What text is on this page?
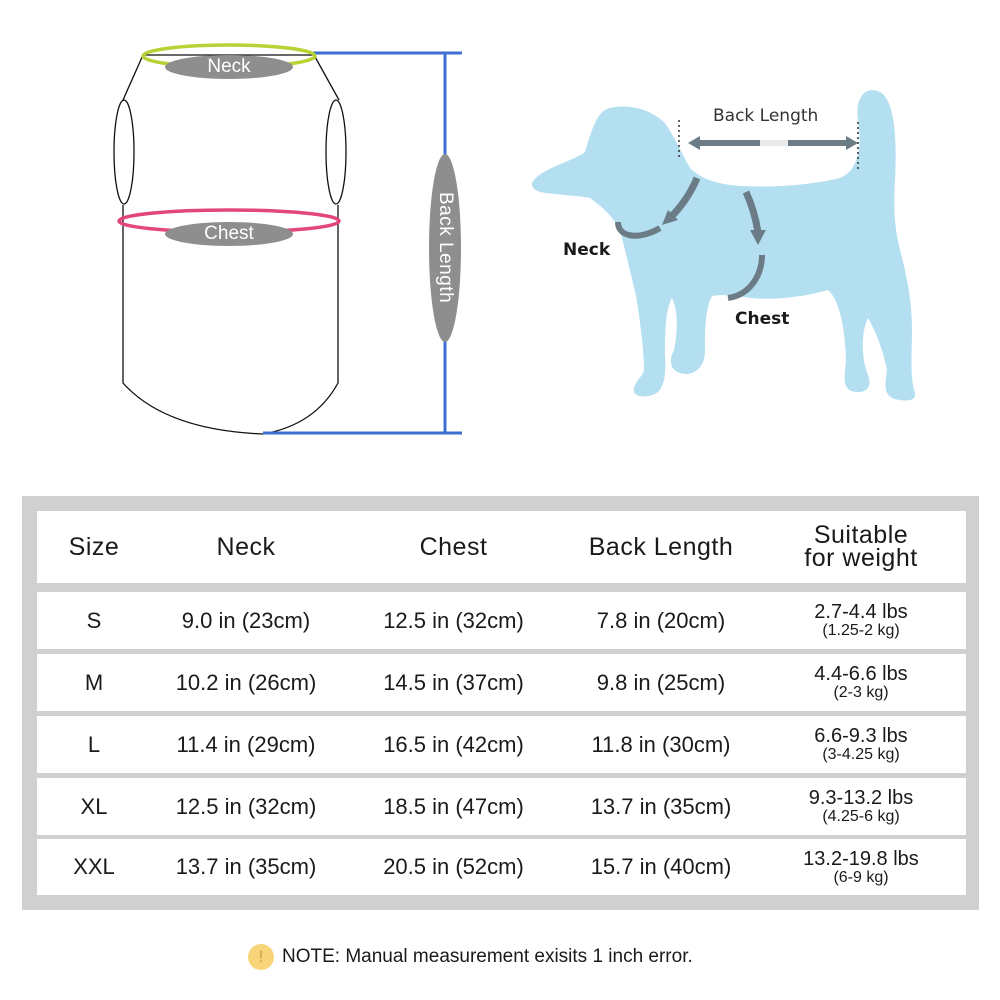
Neck
Chest	Back Length
Back Length
Neck
Chest
Size	Neck	Chest	Back Length	Suitable
for weight
S	9.0 in (23cm)	12.5 in (32cm)	7.8 in (20cm)	2.7-4.4 lbs
(1.25-2 kg)
M	10.2 in (26cm)	14.5 in (37cm)	9.8 in (25cm)	4.4-6.6 lbs
(2-3 kg)
L	11.4 in (29cm)	16.5 in (42cm)	11.8 in (30cm)	6.6-9.3 lbs
(3-4.25 kg)
XL	12.5 in (32cm)	18.5 in (47cm)	13.7 in (35cm)	9.3-13.2 lbs
(4.25-6 kg)
XXL	13.7 in (35cm)	20.5 in (52cm)	15.7 in (40cm)	13.2-19.8 lbs
(6-9 kg)
! NOTE: Manual measurement exisits 1 inch error.
